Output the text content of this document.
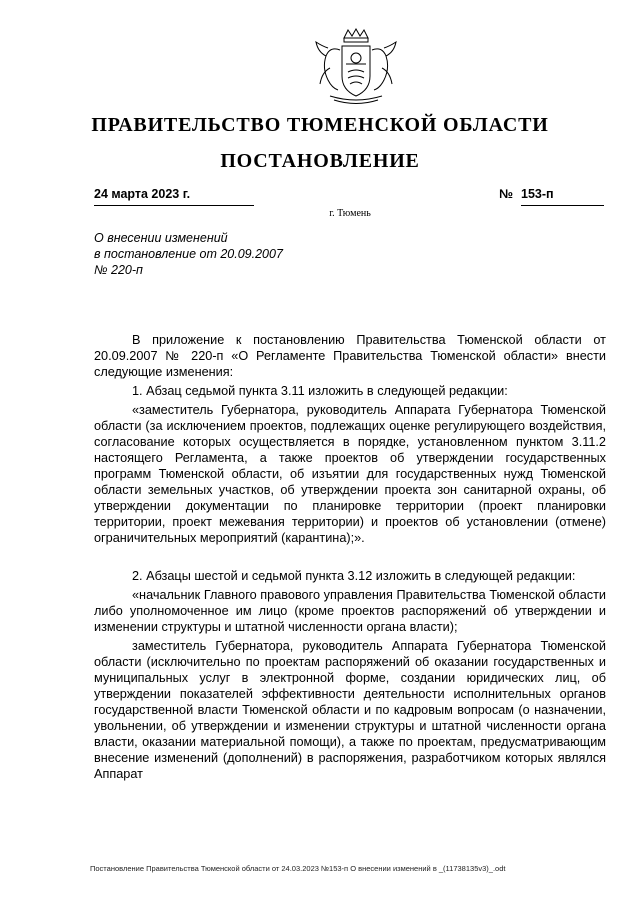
ПРАВИТЕЛЬСТВО ТЮМЕНСКОЙ ОБЛАСТИ
ПОСТАНОВЛЕНИЕ
24 марта 2023 г.	№ 153-п
г. Тюмень
О внесении изменений
в постановление от 20.09.2007
№ 220-п

В приложение к постановлению Правительства Тюменской области от 20.09.2007 № 220-п «О Регламенте Правительства Тюменской области» внести следующие изменения:

1. Абзац седьмой пункта 3.11 изложить в следующей редакции:

«заместитель Губернатора, руководитель Аппарата Губернатора Тюменской области (за исключением проектов, подлежащих оценке регулирующего воздействия, согласование которых осуществляется в порядке, установленном пунктом 3.11.2 настоящего Регламента, а также проектов об утверждении государственных программ Тюменской области, об изъятии для государственных нужд Тюменской области земельных участков, об утверждении проекта зон санитарной охраны, об утверждении документации по планировке территории (проект планировки территории, проект межевания территории) и проектов об установлении (отмене) ограничительных мероприятий (карантина);».

2. Абзацы шестой и седьмой пункта 3.12 изложить в следующей редакции:

«начальник Главного правового управления Правительства Тюменской области либо уполномоченное им лицо (кроме проектов распоряжений об утверждении и изменении структуры и штатной численности органа власти);

заместитель Губернатора, руководитель Аппарата Губернатора Тюменской области (исключительно по проектам распоряжений об оказании государственных и муниципальных услуг в электронной форме, создании юридических лиц, об утверждении показателей эффективности деятельности исполнительных органов государственной власти Тюменской области и по кадровым вопросам (о назначении, увольнении, об утверждении и изменении структуры и штатной численности органа власти, оказании материальной помощи), а также по проектам, предусматривающим внесение изменений (дополнений) в распоряжения, разработчиком которых являлся Аппарат

Постановление Правительства Тюменской области от 24.03.2023 №153-п О внесении изменений в _(11738135v3)_.odt
